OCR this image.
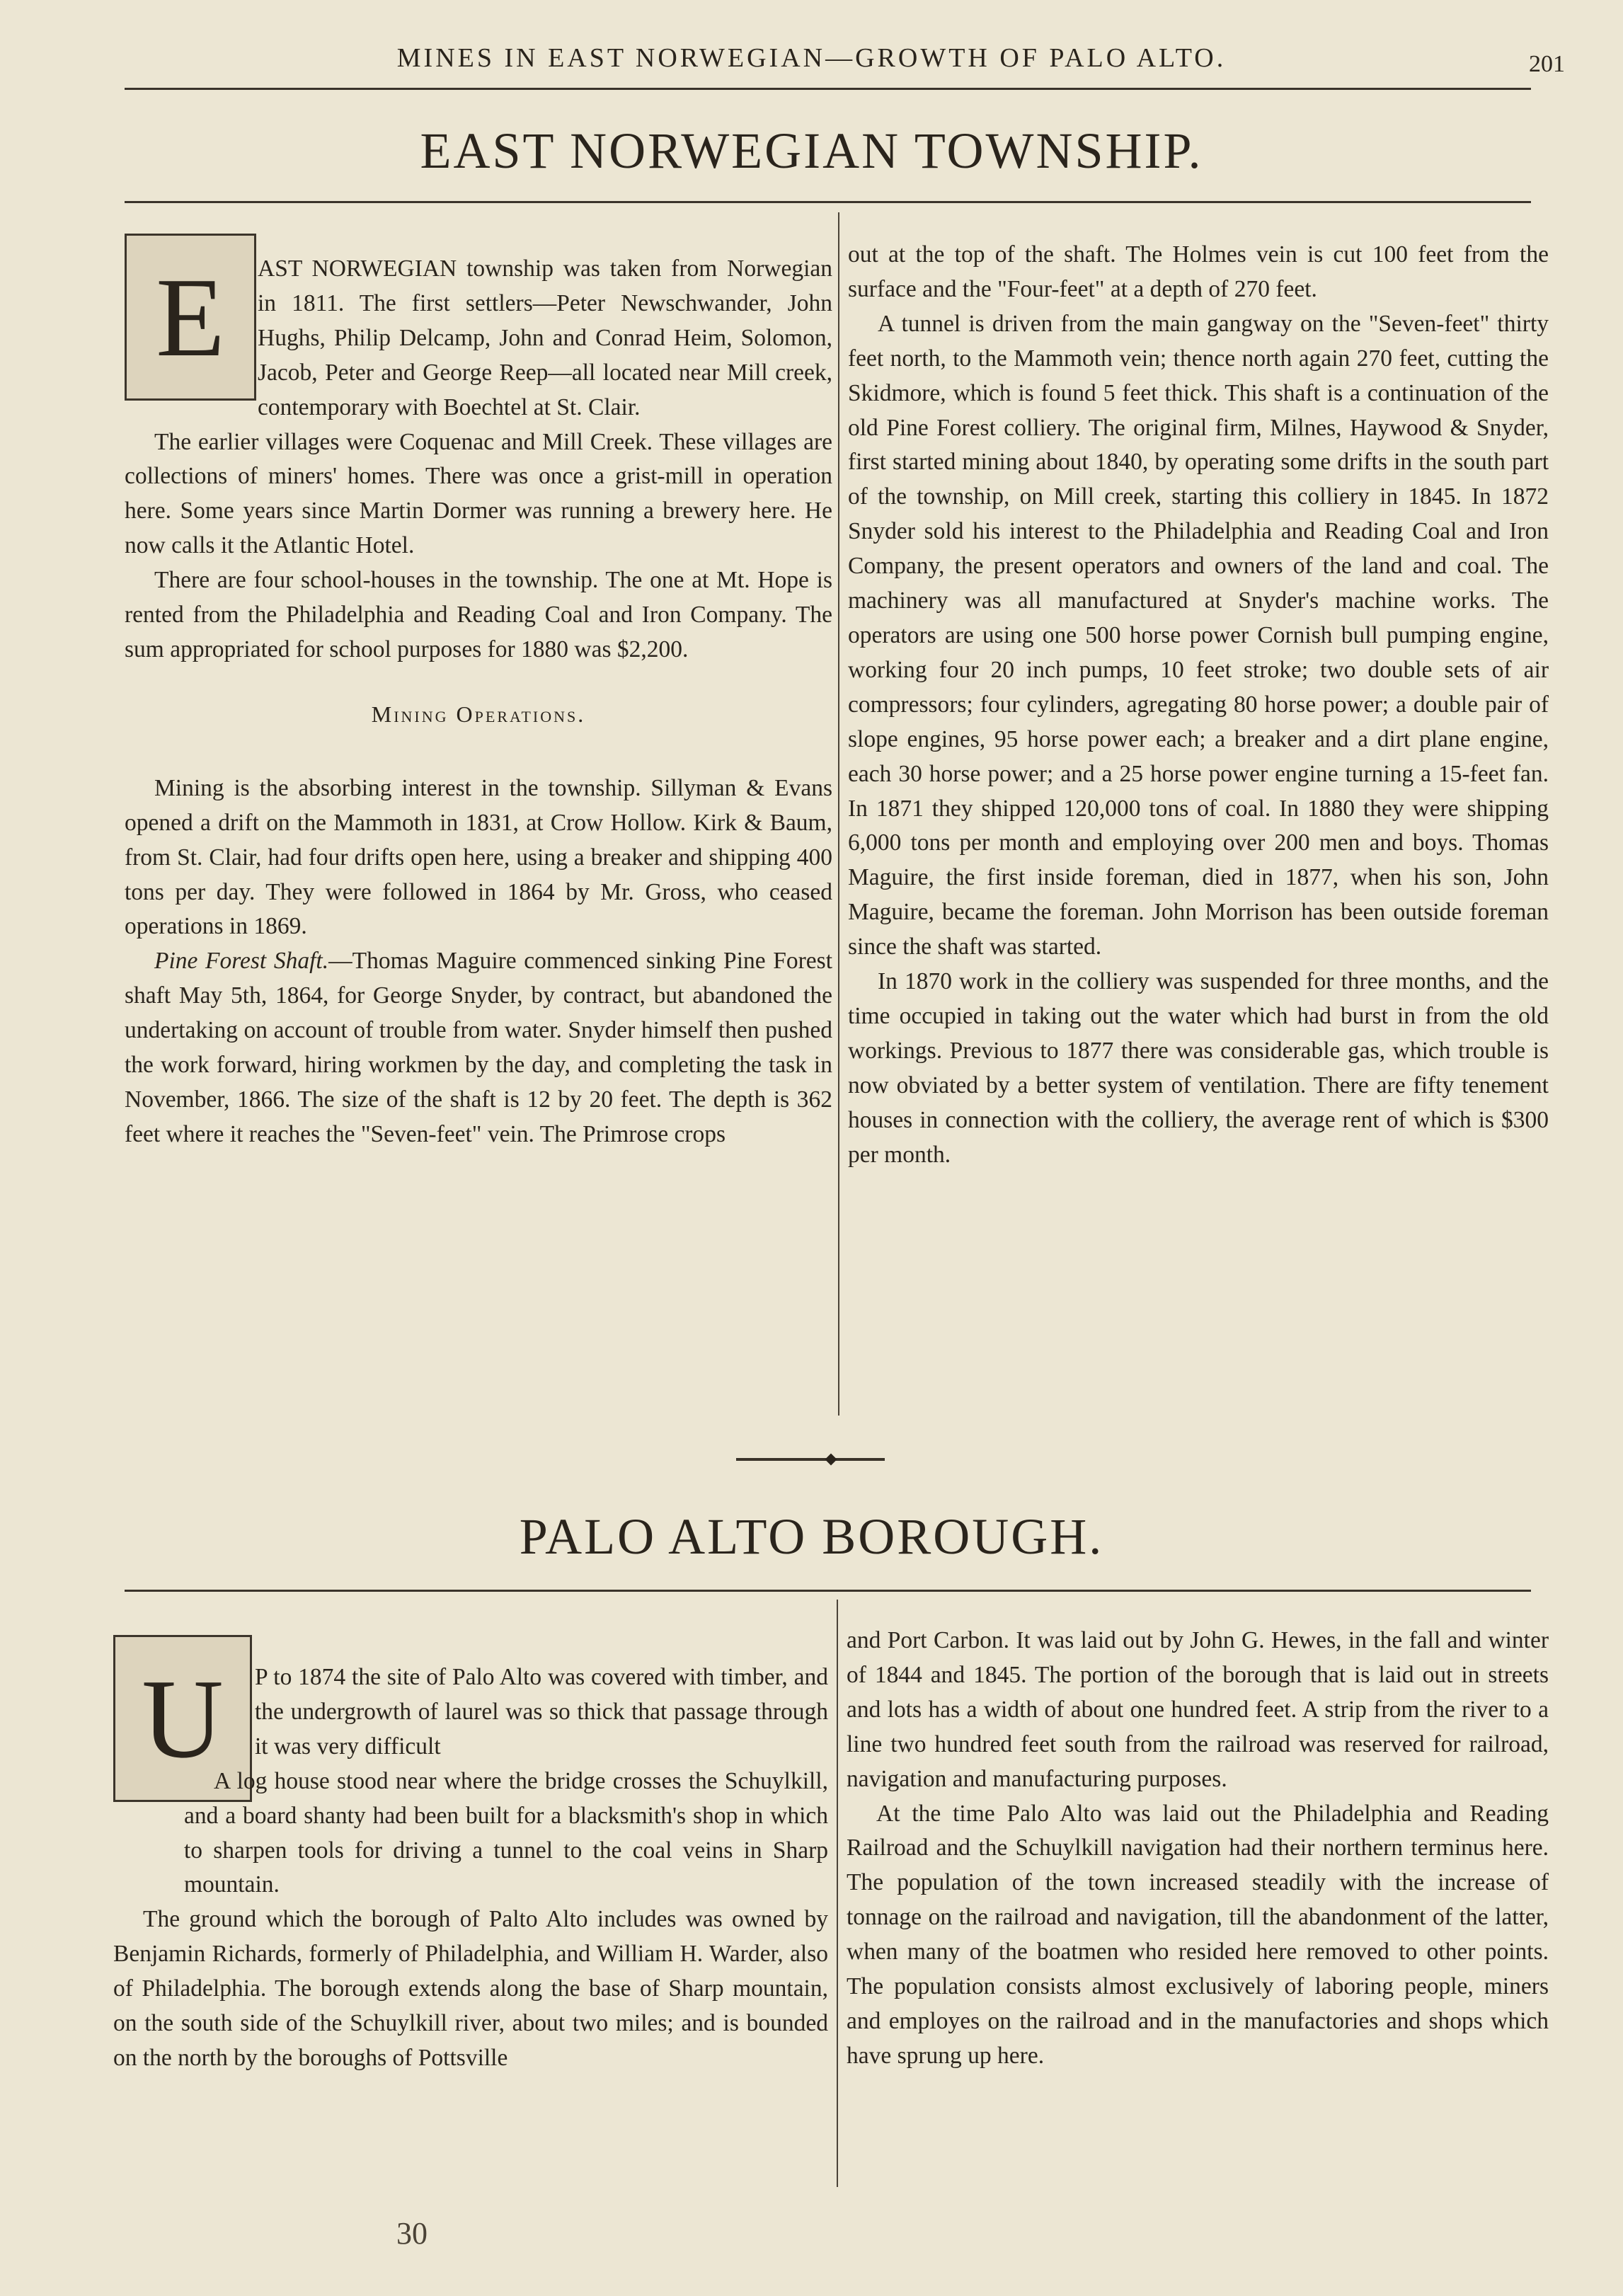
MINES IN EAST NORWEGIAN—GROWTH OF PALO ALTO.	201
EAST NORWEGIAN TOWNSHIP.
E	AST NORWEGIAN township was taken from Norwegian in 1811. The first settlers—Peter Newschwander, John Hughs, Philip Delcamp, John and Conrad Heim, Solomon, Jacob, Peter and George Reep—all located near Mill creek, contemporary with Boechtel at St. Clair.

The earlier villages were Coquenac and Mill Creek. These villages are collections of miners' homes. There was once a grist-mill in operation here. Some years since Martin Dormer was running a brewery here. He now calls it the Atlantic Hotel.

There are four school-houses in the township. The one at Mt. Hope is rented from the Philadelphia and Reading Coal and Iron Company. The sum appropriated for school purposes for 1880 was $2,200.

Mining Operations.

Mining is the absorbing interest in the township. Sillyman & Evans opened a drift on the Mammoth in 1831, at Crow Hollow. Kirk & Baum, from St. Clair, had four drifts open here, using a breaker and shipping 400 tons per day. They were followed in 1864 by Mr. Gross, who ceased operations in 1869.

Pine Forest Shaft.—Thomas Maguire commenced sinking Pine Forest shaft May 5th, 1864, for George Snyder, by contract, but abandoned the undertaking on account of trouble from water. Snyder himself then pushed the work forward, hiring workmen by the day, and completing the task in November, 1866. The size of the shaft is 12 by 20 feet. The depth is 362 feet where it reaches the "Seven-feet" vein. The Primrose crops

out at the top of the shaft. The Holmes vein is cut 100 feet from the surface and the "Four-feet" at a depth of 270 feet.

A tunnel is driven from the main gangway on the "Seven-feet" thirty feet north, to the Mammoth vein; thence north again 270 feet, cutting the Skidmore, which is found 5 feet thick. This shaft is a continuation of the old Pine Forest colliery. The original firm, Milnes, Haywood & Snyder, first started mining about 1840, by operating some drifts in the south part of the township, on Mill creek, starting this colliery in 1845. In 1872 Snyder sold his interest to the Philadelphia and Reading Coal and Iron Company, the present operators and owners of the land and coal. The machinery was all manufactured at Snyder's machine works. The operators are using one 500 horse power Cornish bull pumping engine, working four 20 inch pumps, 10 feet stroke; two double sets of air compressors; four cylinders, agregating 80 horse power; a double pair of slope engines, 95 horse power each; a breaker and a dirt plane engine, each 30 horse power; and a 25 horse power engine turning a 15-feet fan. In 1871 they shipped 120,000 tons of coal. In 1880 they were shipping 6,000 tons per month and employing over 200 men and boys. Thomas Maguire, the first inside foreman, died in 1877, when his son, John Maguire, became the foreman. John Morrison has been outside foreman since the shaft was started.

In 1870 work in the colliery was suspended for three months, and the time occupied in taking out the water which had burst in from the old workings. Previous to 1877 there was considerable gas, which trouble is now obviated by a better system of ventilation. There are fifty tenement houses in connection with the colliery, the average rent of which is $300 per month.

PALO ALTO BOROUGH.
U	P to 1874 the site of Palo Alto was covered with timber, and the undergrowth of laurel was so thick that passage through it was very difficult

A log house stood near where the bridge crosses the Schuylkill, and a board shanty had been built for a blacksmith's shop in which to sharpen tools for driving a tunnel to the coal veins in Sharp mountain.

The ground which the borough of Palto Alto includes was owned by Benjamin Richards, formerly of Philadelphia, and William H. Warder, also of Philadelphia. The borough extends along the base of Sharp mountain, on the south side of the Schuylkill river, about two miles; and is bounded on the north by the boroughs of Pottsville

and Port Carbon. It was laid out by John G. Hewes, in the fall and winter of 1844 and 1845. The portion of the borough that is laid out in streets and lots has a width of about one hundred feet. A strip from the river to a line two hundred feet south from the railroad was reserved for railroad, navigation and manufacturing purposes.

At the time Palo Alto was laid out the Philadelphia and Reading Railroad and the Schuylkill navigation had their northern terminus here. The population of the town increased steadily with the increase of tonnage on the railroad and navigation, till the abandonment of the latter, when many of the boatmen who resided here removed to other points. The population consists almost exclusively of laboring people, miners and employes on the railroad and in the manufactories and shops which have sprung up here.

30
